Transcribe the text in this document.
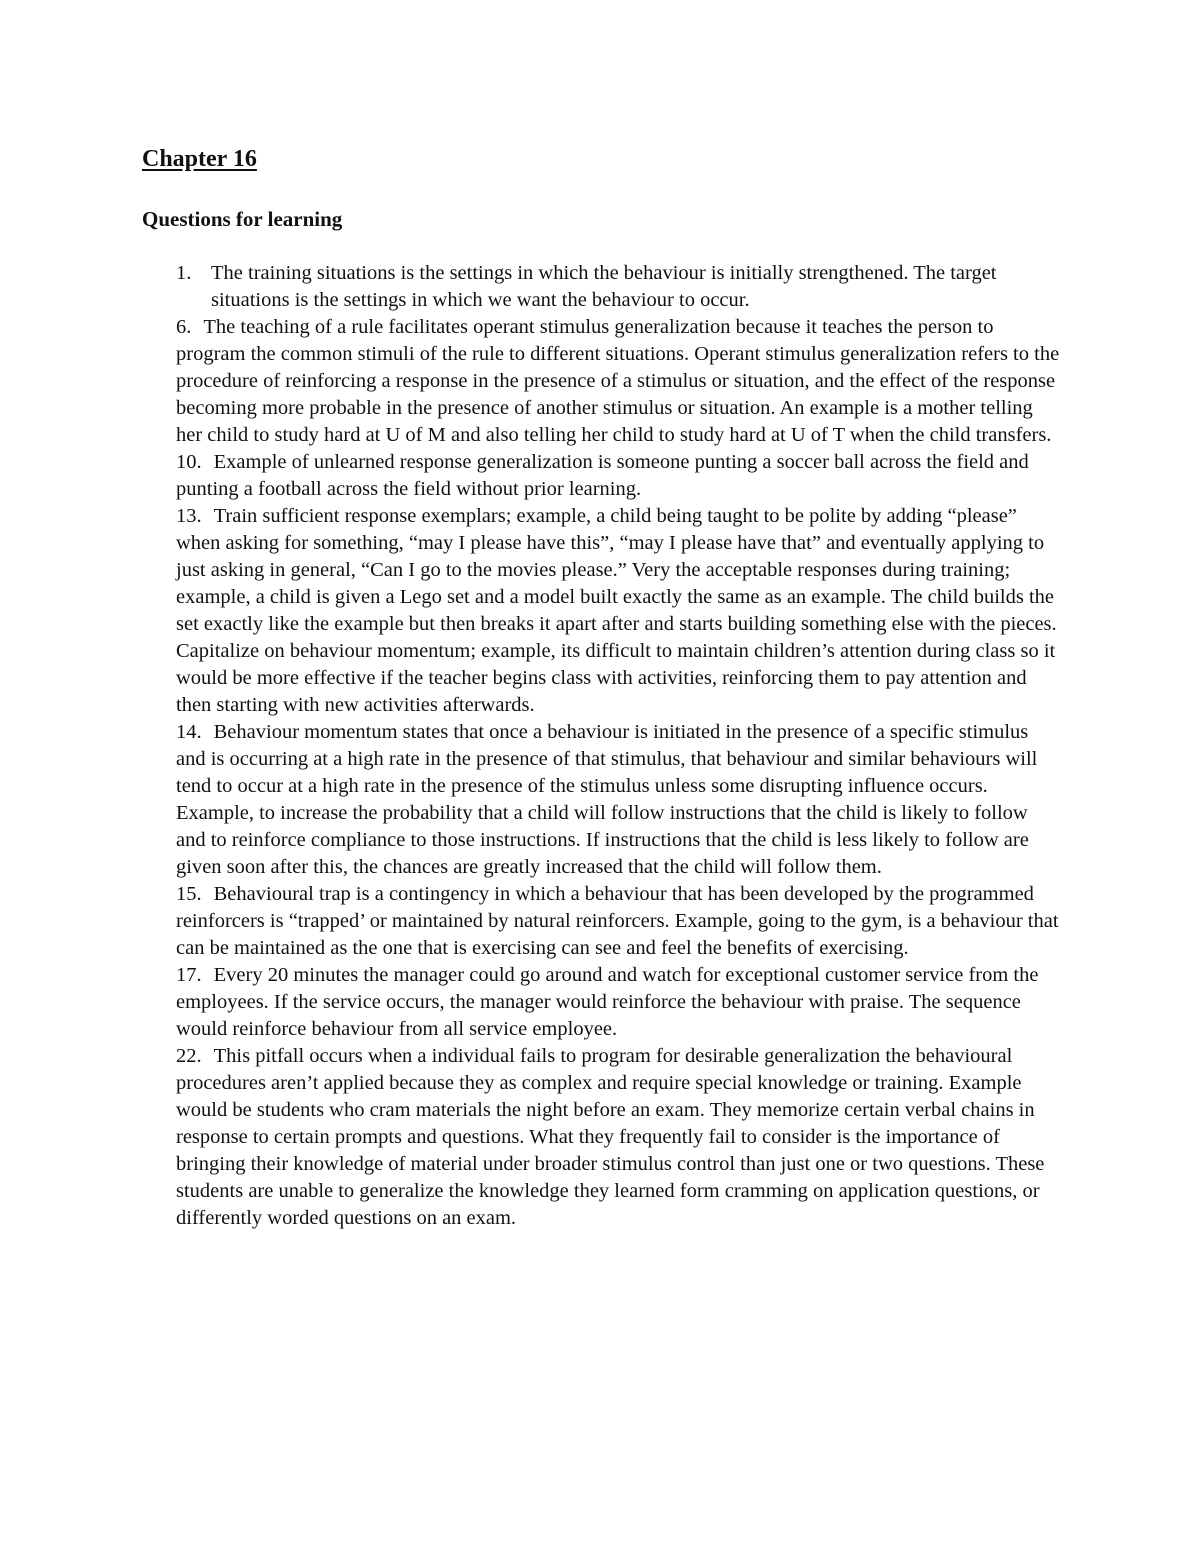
Chapter 16
Questions for learning
1. The training situations is the settings in which the behaviour is initially strengthened. The target situations is the settings in which we want the behaviour to occur.
6. The teaching of a rule facilitates operant stimulus generalization because it teaches the person to program the common stimuli of the rule to different situations. Operant stimulus generalization refers to the procedure of reinforcing a response in the presence of a stimulus or situation, and the effect of the response becoming more probable in the presence of another stimulus or situation. An example is a mother telling her child to study hard at U of M and also telling her child to study hard at U of T when the child transfers.
10. Example of unlearned response generalization is someone punting a soccer ball across the field and punting a football across the field without prior learning.
13. Train sufficient response exemplars; example, a child being taught to be polite by adding “please” when asking for something, “may I please have this”, “may I please have that” and eventually applying to just asking in general, “Can I go to the movies please.” Very the acceptable responses during training; example, a child is given a Lego set and a model built exactly the same as an example. The child builds the set exactly like the example but then breaks it apart after and starts building something else with the pieces. Capitalize on behaviour momentum; example, its difficult to maintain children’s attention during class so it would be more effective if the teacher begins class with activities, reinforcing them to pay attention and then starting with new activities afterwards.
14. Behaviour momentum states that once a behaviour is initiated in the presence of a specific stimulus and is occurring at a high rate in the presence of that stimulus, that behaviour and similar behaviours will tend to occur at a high rate in the presence of the stimulus unless some disrupting influence occurs. Example, to increase the probability that a child will follow instructions that the child is likely to follow and to reinforce compliance to those instructions. If instructions that the child is less likely to follow are given soon after this, the chances are greatly increased that the child will follow them.
15. Behavioural trap is a contingency in which a behaviour that has been developed by the programmed reinforcers is “trapped’ or maintained by natural reinforcers. Example, going to the gym, is a behaviour that can be maintained as the one that is exercising can see and feel the benefits of exercising.
17. Every 20 minutes the manager could go around and watch for exceptional customer service from the employees. If the service occurs, the manager would reinforce the behaviour with praise. The sequence would reinforce behaviour from all service employee.
22. This pitfall occurs when a individual fails to program for desirable generalization the behavioural procedures aren’t applied because they as complex and require special knowledge or training. Example would be students who cram materials the night before an exam. They memorize certain verbal chains in response to certain prompts and questions. What they frequently fail to consider is the importance of bringing their knowledge of material under broader stimulus control than just one or two questions. These students are unable to generalize the knowledge they learned form cramming on application questions, or differently worded questions on an exam.
